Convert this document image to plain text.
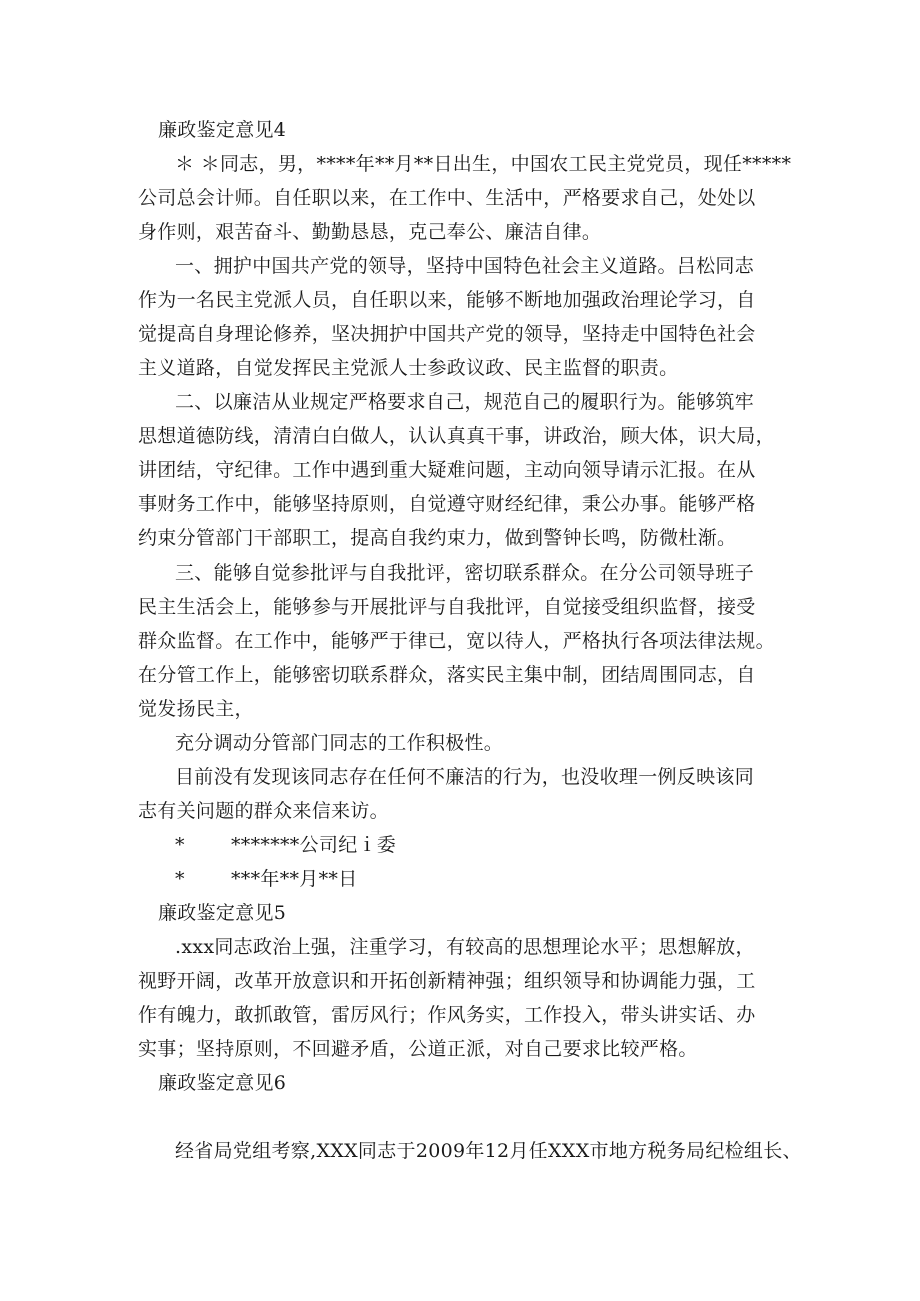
廉政鉴定意见4
＊ ＊同志，男，****年**月**日出生，中国农工民主党党员，现任*****
公司总会计师。自任职以来，在工作中、生活中，严格要求自己，处处以
身作则，艰苦奋斗、勤勤恳恳，克己奉公、廉洁自律。
一、拥护中国共产党的领导，坚持中国特色社会主义道路。吕松同志
作为一名民主党派人员，自任职以来，能够不断地加强政治理论学习，自
觉提高自身理论修养，坚决拥护中国共产党的领导，坚持走中国特色社会
主义道路，自觉发挥民主党派人士参政议政、民主监督的职责。
二、以廉洁从业规定严格要求自己，规范自己的履职行为。能够筑牢
思想道德防线，清清白白做人，认认真真干事，讲政治，顾大体，识大局，
讲团结，守纪律。工作中遇到重大疑难问题，主动向领导请示汇报。在从
事财务工作中，能够坚持原则，自觉遵守财经纪律，秉公办事。能够严格
约束分管部门干部职工，提高自我约束力，做到警钟长鸣，防微杜渐。
三、能够自觉参批评与自我批评，密切联系群众。在分公司领导班子
民主生活会上，能够参与开展批评与自我批评，自觉接受组织监督，接受
群众监督。在工作中，能够严于律已，宽以待人，严格执行各项法律法规。
在分管工作上，能够密切联系群众，落实民主集中制，团结周围同志，自
觉发扬民主，
充分调动分管部门同志的工作积极性。
目前没有发现该同志存在任何不廉洁的行为，也没收理一例反映该同
志有关问题的群众来信来访。
* *******公司纪ｉ委
* ***年**月**日
廉政鉴定意见5
.xxx同志政治上强，注重学习，有较高的思想理论水平；思想解放，
视野开阔，改革开放意识和开拓创新精神强；组织领导和协调能力强，工
作有魄力，敢抓敢管，雷厉风行；作风务实，工作投入，带头讲实话、办
实事；坚持原则，不回避矛盾，公道正派，对自己要求比较严格。
廉政鉴定意见6
经省局党组考察,XXX同志于2009年12月任XXX市地方税务局纪检组长、
